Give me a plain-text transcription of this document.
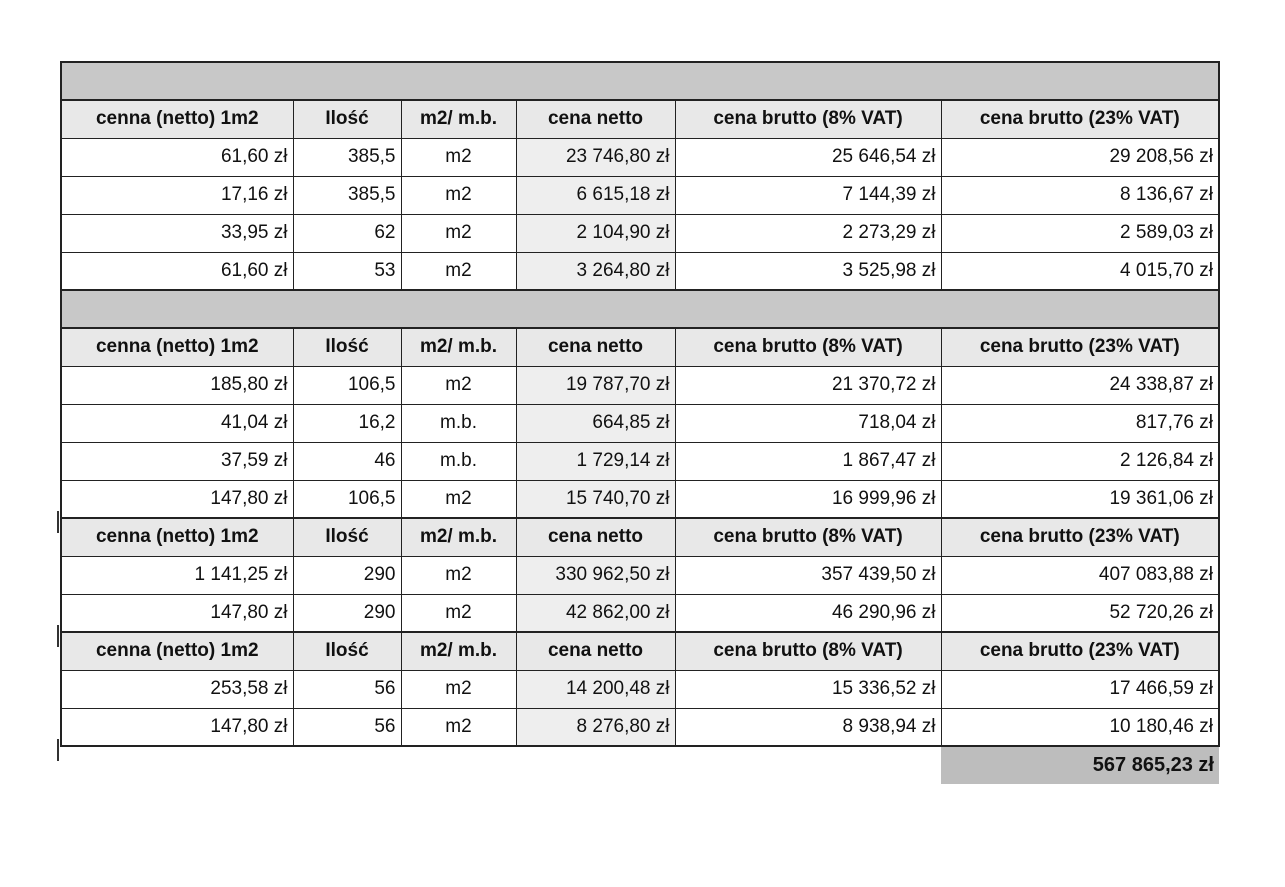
cenna (netto) 1m2	Ilość	m2/ m.b.	cena netto	cena brutto (8% VAT)	cena brutto (23% VAT)
61,60 zł	385,5	m2	23 746,80 zł	25 646,54 zł	29 208,56 zł
17,16 zł	385,5	m2	6 615,18 zł	7 144,39 zł	8 136,67 zł
33,95 zł	62	m2	2 104,90 zł	2 273,29 zł	2 589,03 zł
61,60 zł	53	m2	3 264,80 zł	3 525,98 zł	4 015,70 zł

cenna (netto) 1m2	Ilość	m2/ m.b.	cena netto	cena brutto (8% VAT)	cena brutto (23% VAT)
185,80 zł	106,5	m2	19 787,70 zł	21 370,72 zł	24 338,87 zł
41,04 zł	16,2	m.b.	664,85 zł	718,04 zł	817,76 zł
37,59 zł	46	m.b.	1 729,14 zł	1 867,47 zł	2 126,84 zł
147,80 zł	106,5	m2	15 740,70 zł	16 999,96 zł	19 361,06 zł
cenna (netto) 1m2	Ilość	m2/ m.b.	cena netto	cena brutto (8% VAT)	cena brutto (23% VAT)
1 141,25 zł	290	m2	330 962,50 zł	357 439,50 zł	407 083,88 zł
147,80 zł	290	m2	42 862,00 zł	46 290,96 zł	52 720,26 zł
cenna (netto) 1m2	Ilość	m2/ m.b.	cena netto	cena brutto (8% VAT)	cena brutto (23% VAT)
253,58 zł	56	m2	14 200,48 zł	15 336,52 zł	17 466,59 zł
147,80 zł	56	m2	8 276,80 zł	8 938,94 zł	10 180,46 zł
					567 865,23 zł
